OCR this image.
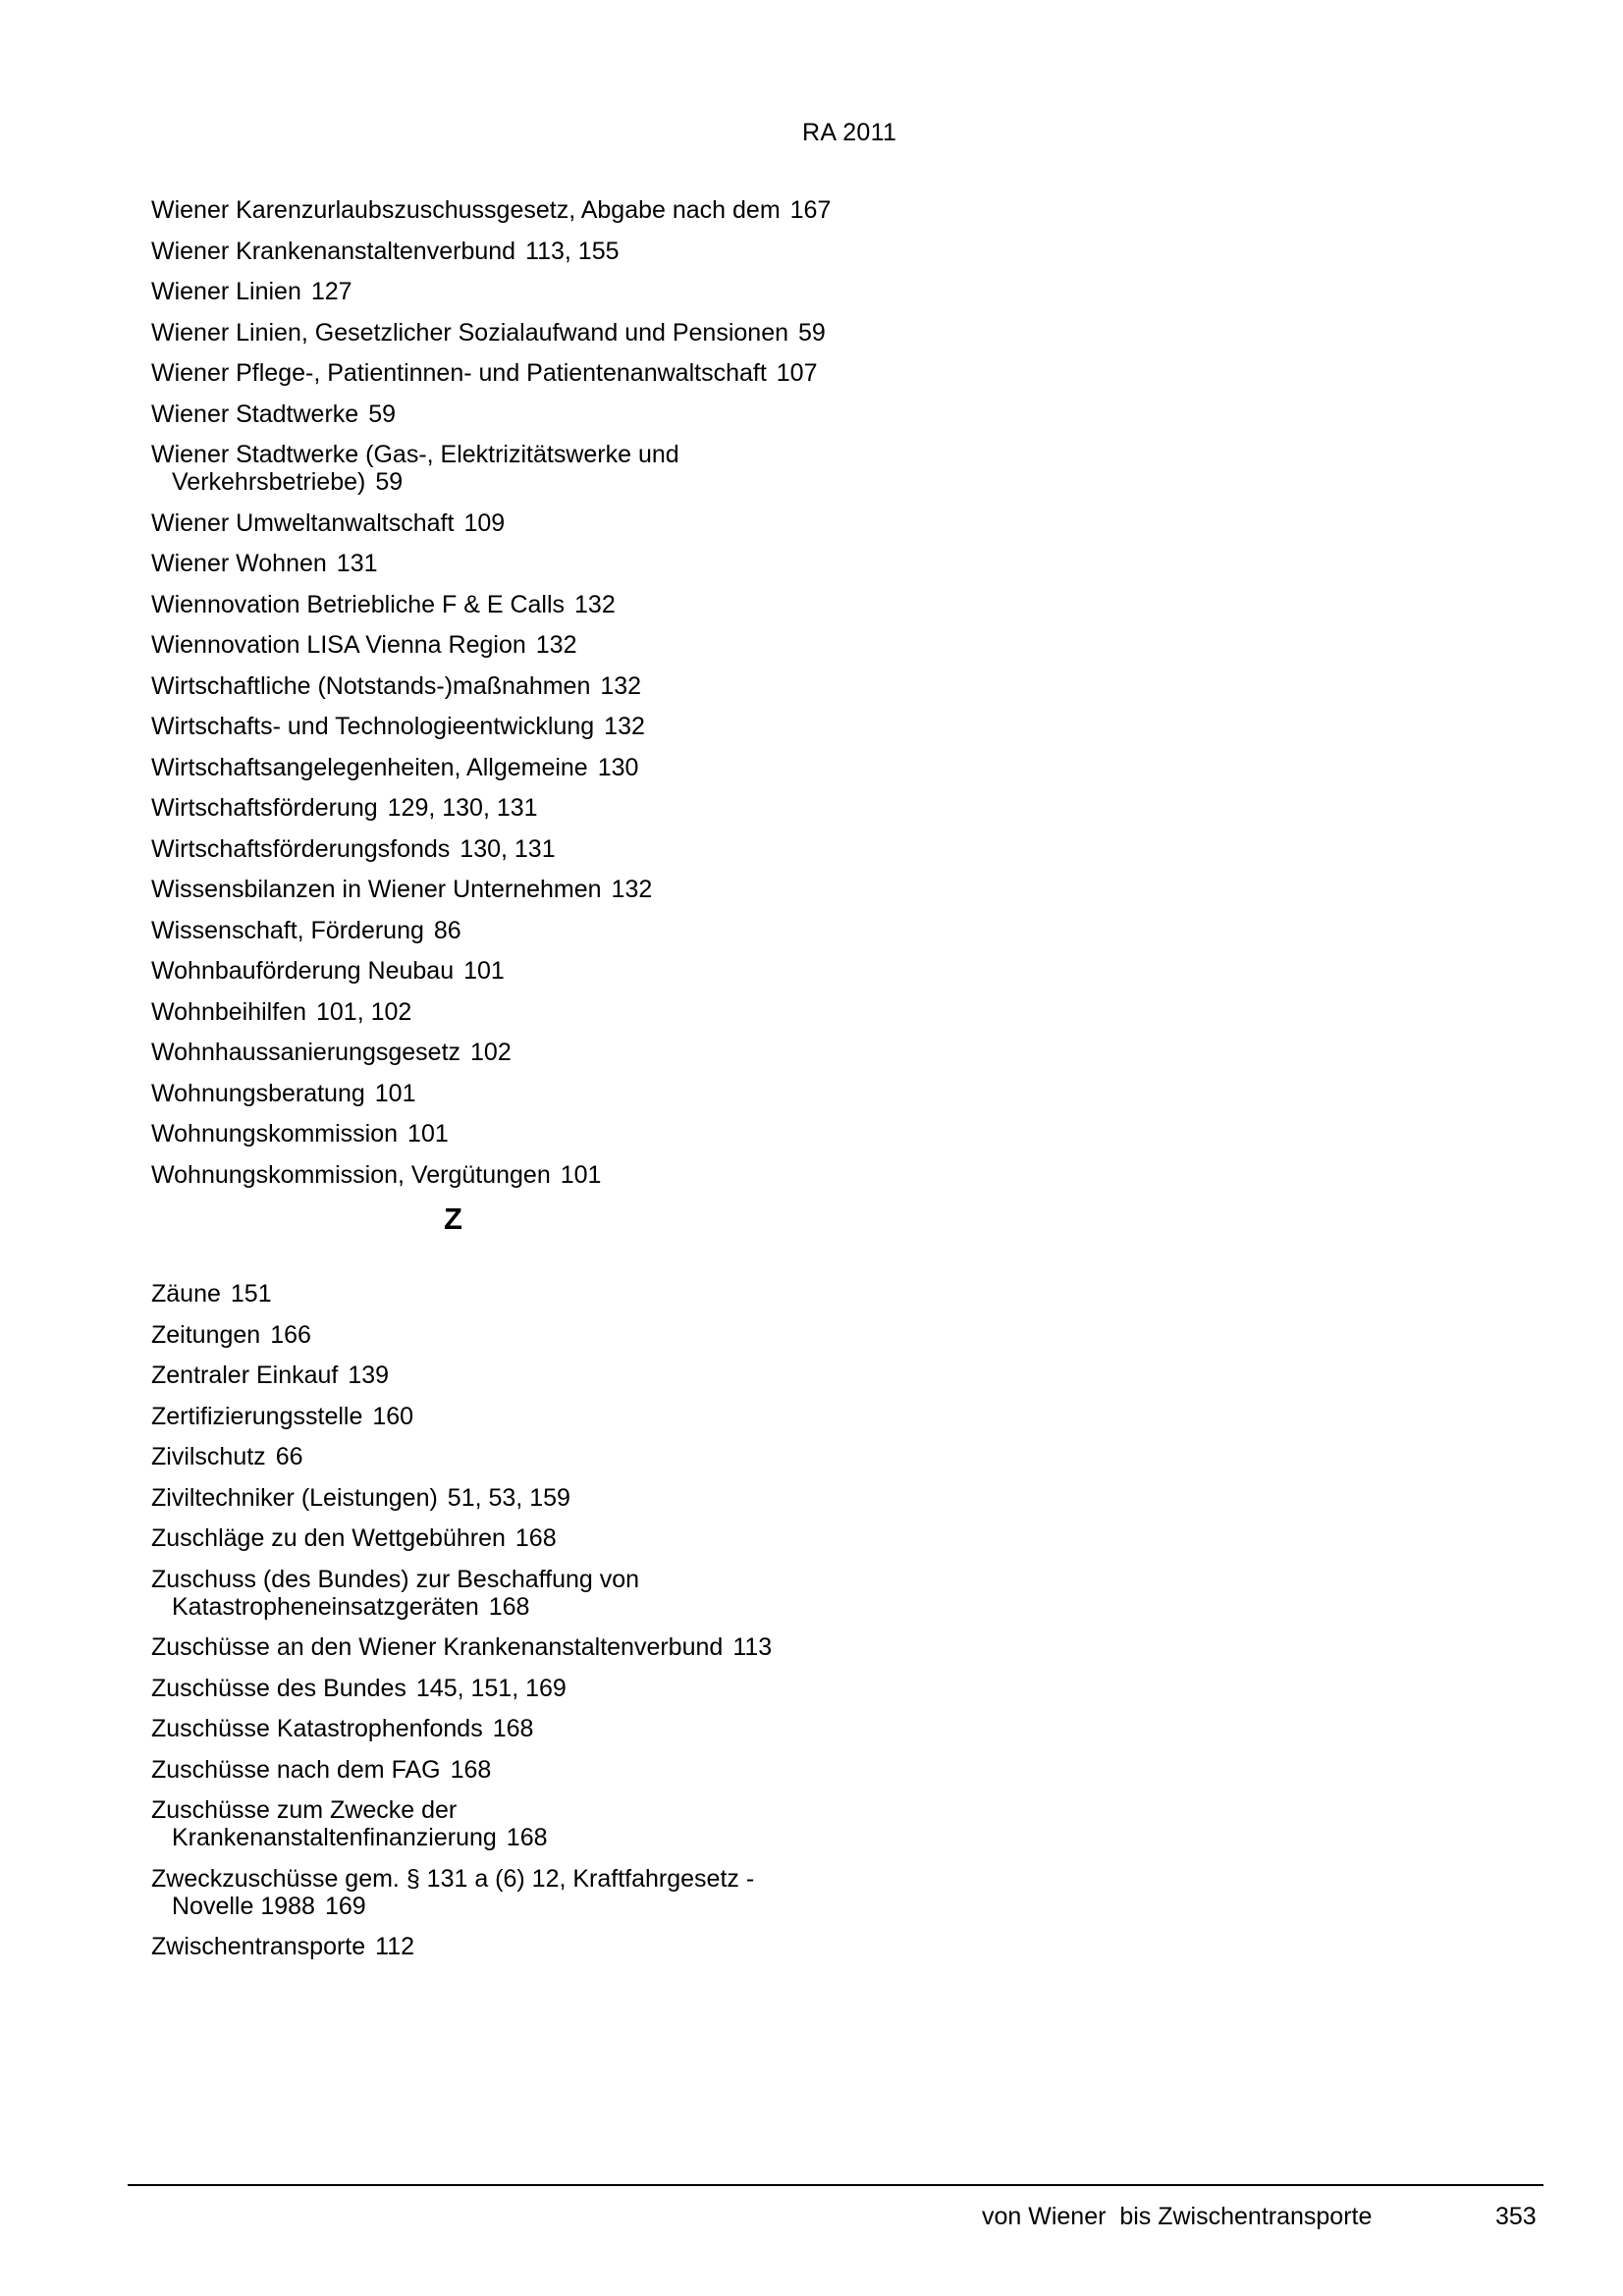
RA 2011
Wiener Karenzurlaubszuschussgesetz, Abgabe nach dem 167
Wiener Krankenanstaltenverbund 113, 155
Wiener Linien 127
Wiener Linien, Gesetzlicher Sozialaufwand und Pensionen 59
Wiener Pflege-, Patientinnen- und Patientenanwaltschaft 107
Wiener Stadtwerke 59
Wiener Stadtwerke (Gas-, Elektrizitätswerke und Verkehrsbetriebe) 59
Wiener Umweltanwaltschaft 109
Wiener Wohnen 131
Wiennovation Betriebliche F & E Calls 132
Wiennovation LISA Vienna Region 132
Wirtschaftliche (Notstands-)maßnahmen 132
Wirtschafts- und Technologieentwicklung 132
Wirtschaftsangelegenheiten, Allgemeine 130
Wirtschaftsförderung 129, 130, 131
Wirtschaftsförderungsfonds 130, 131
Wissensbilanzen in Wiener Unternehmen 132
Wissenschaft, Förderung 86
Wohnbauförderung Neubau 101
Wohnbeihilfen 101, 102
Wohnhaussanierungsgesetz 102
Wohnungsberatung 101
Wohnungskommission 101
Wohnungskommission, Vergütungen 101
Z
Zäune 151
Zeitungen 166
Zentraler Einkauf 139
Zertifizierungsstelle 160
Zivilschutz 66
Ziviltechniker (Leistungen) 51, 53, 159
Zuschläge zu den Wettgebühren 168
Zuschuss (des Bundes) zur Beschaffung von Katastropheneinsatzgeräten 168
Zuschüsse an den Wiener Krankenanstaltenverbund 113
Zuschüsse des Bundes 145, 151, 169
Zuschüsse Katastrophenfonds 168
Zuschüsse nach dem FAG 168
Zuschüsse zum Zwecke der Krankenanstaltenfinanzierung 168
Zweckzuschüsse gem. § 131 a (6) 12, Kraftfahrgesetz - Novelle 1988 169
Zwischentransporte 112
von Wiener  bis Zwischentransporte	353
